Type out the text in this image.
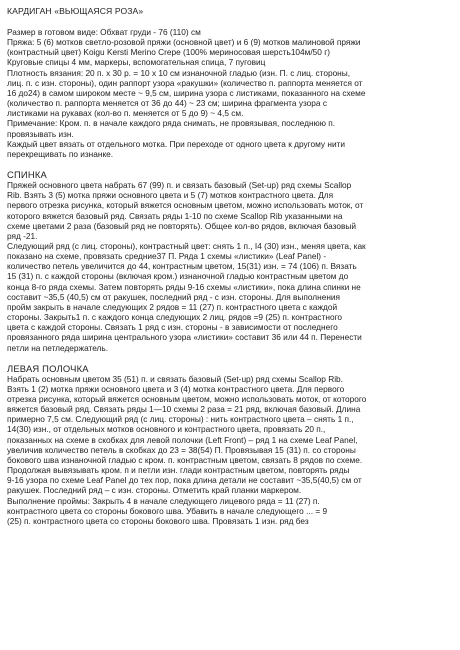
КАРДИГАН «ВЬЮЩАЯСЯ РОЗА»
Размер в готовом виде: Обхват груди - 76 (110) см
Пряжа: 5 (6) мотков светло-розовой пряжи (основной цвет) и 6 (9) мотков малиновой пряжи
(контрастный цвет) Koigu Kersti Merino Crepe (100% мериносовая шерсть104м/50 г)
Круговые спицы 4 мм, маркеры, вспомогательная спица, 7 пуговиц
Плотность вязания: 20 п. х 30 р. = 10 х 10 см изнаночной гладью (изн. П. с лиц. стороны,
лиц. п. с изн. стороны), один раппорт узора «ракушки» (количество п. раппорта меняется от
16 до24) в самом широком месте ~ 9,5 см, ширина узора с листиками, показанного на схеме
(количество п. раппорта меняется от 36 до 44) ~ 23 см; ширина фрагмента узора с
листиками на рукавах (кол-во п. меняется от 5 до 9) ~ 4,5 см.
Примечание: Кром. п. в начале каждого ряда снимать, не провязывая, последнюю п.
провязывать изн.
Каждый цвет вязать от отдельного мотка. При переходе от одного цвета к другому нити
перекрещивать по изнанке.
СПИНКА
Пряжей основного цвета набрать 67 (99) п. и связать базовый (Set-up) ряд схемы Scallop
Rib. Взять 3 (5) мотка пряжи основного цвета и 5 (7) мотков контрастного цвета. Для
первого отрезка рисунка, который вяжется основным цветом, можно использовать моток, от
которого вяжется базовый ряд. Связать ряды 1-10 по схеме Scallop Rib указанными на
схеме цветами 2 раза (базовый ряд не повторять). Общее кол-во рядов, включая базовый
ряд -21.
Следующий ряд (с лиц. стороны), контрастный цвет: снять 1 п., I4 (30) изн., меняя цвета, как
показано на схеме, провязать средние37 П. Ряда 1 схемы «листики» (Leaf Panel) -
количество петель увеличится до 44, контрастным цветом, 15(31) изн. = 74 (106) п. Вязать
15 (31) п. с каждой стороны (включая кром.) изнаночной гладью контрастным цветом до
конца 8-го ряда схемы. Затем повторять ряды 9-16 схемы «листики», пока длина спинки не
составит ~35,5 (40,5) см от ракушек, последний ряд - с изн. стороны. Для выполнения
пройм закрыть в начале следующих 2 рядов = 11 (27) п. контрастного цвета с каждой
стороны. Закрыть1 п. с каждого конца следующих 2 лиц. рядов =9 (25) п. контрастного
цвета с каждой стороны. Связать 1 ряд с изн. стороны - в зависимости от последнего
провязанного ряда ширина центрального узора «листики» составит 36 или 44 п. Перенести
петли на петледержатель.
ЛЕВАЯ ПОЛОЧКА
Набрать основным цветом 35 (51) п. и связать базовый (Set-up) ряд схемы Scallop Rib.
Взять 1 (2) мотка пряжи основного цвета и 3 (4) мотка контрастного цвета. Для первого
отрезка рисунка, который вяжется основным цветом, можно использовать моток, от которого
вяжется базовый ряд. Связать ряды 1—10 схемы 2 раза = 21 ряд, включая базовый. Длина
примерно 7,5 см. Следующий ряд (с лиц. стороны) : нить контрастного цвета – снять 1 п.,
14(30) изн., от отдельных мотков основного и контрастного цвета, провязать 20 п.,
показанных на схеме в скобках для левой полочки (Left Front) – ряд 1 на схеме Leaf Panel,
увеличив количество петель в скобках до 23 = 38(54) П. Провязывая 15 (31) п. со стороны
бокового шва изнаночной гладью с кром. п. контрастным цветом, связать 8 рядов по схеме.
Продолжая вывязывать кром. п и петли изн. глади контрастным цветом, повторять ряды
9-16 узора по схеме Leaf Panel до тех пор, пока длина детали не составит ~35,5(40,5) см от
ракушек. Последний ряд – с изн. стороны. Отметить край планки маркером.
Выполнение проймы: Закрыть 4 в начале следующего лицевого ряда = 11 (27) п.
контрастного цвета со стороны бокового шва. Убавить в начале следующего ... = 9
(25) п. контрастного цвета со стороны бокового шва. Провязать 1 изн. ряд без
